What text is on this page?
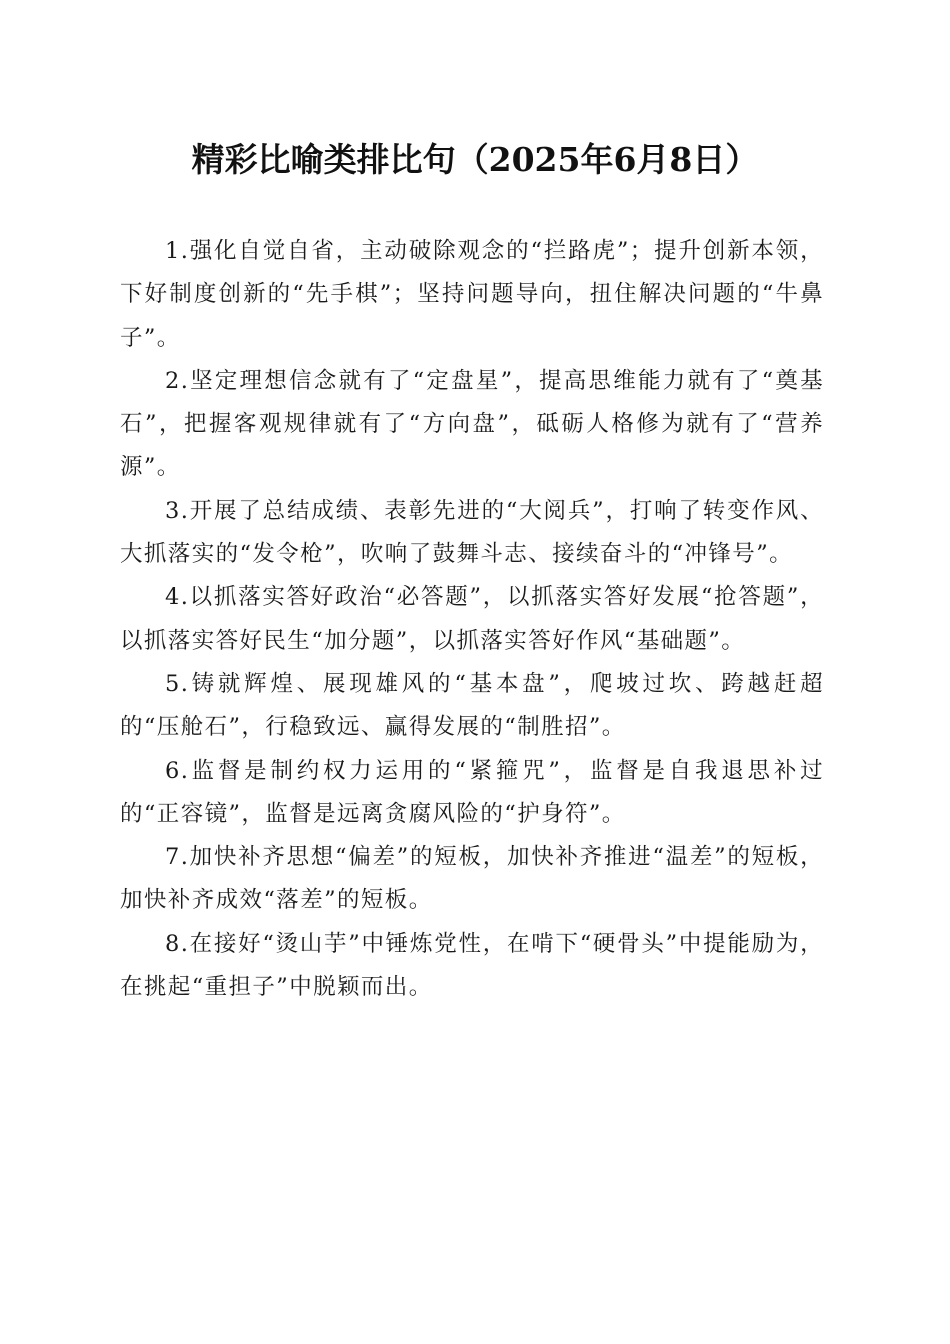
精彩比喻类排比句（2025年6月8日）

1.强化自觉自省，主动破除观念的“拦路虎”；提升创新本领，下好制度创新的“先手棋”；坚持问题导向，扭住解决问题的“牛鼻子”。

2.坚定理想信念就有了“定盘星”，提高思维能力就有了“奠基石”，把握客观规律就有了“方向盘”，砥砺人格修为就有了“营养源”。

3.开展了总结成绩、表彰先进的“大阅兵”，打响了转变作风、大抓落实的“发令枪”，吹响了鼓舞斗志、接续奋斗的“冲锋号”。

4.以抓落实答好政治“必答题”，以抓落实答好发展“抢答题”，以抓落实答好民生“加分题”，以抓落实答好作风“基础题”。

5.铸就辉煌、展现雄风的“基本盘”，爬坡过坎、跨越赶超的“压舱石”，行稳致远、赢得发展的“制胜招”。

6.监督是制约权力运用的“紧箍咒”，监督是自我退思补过的“正容镜”，监督是远离贪腐风险的“护身符”。

7.加快补齐思想“偏差”的短板，加快补齐推进“温差”的短板，加快补齐成效“落差”的短板。

8.在接好“烫山芋”中锤炼党性，在啃下“硬骨头”中提能励为，在挑起“重担子”中脱颖而出。
